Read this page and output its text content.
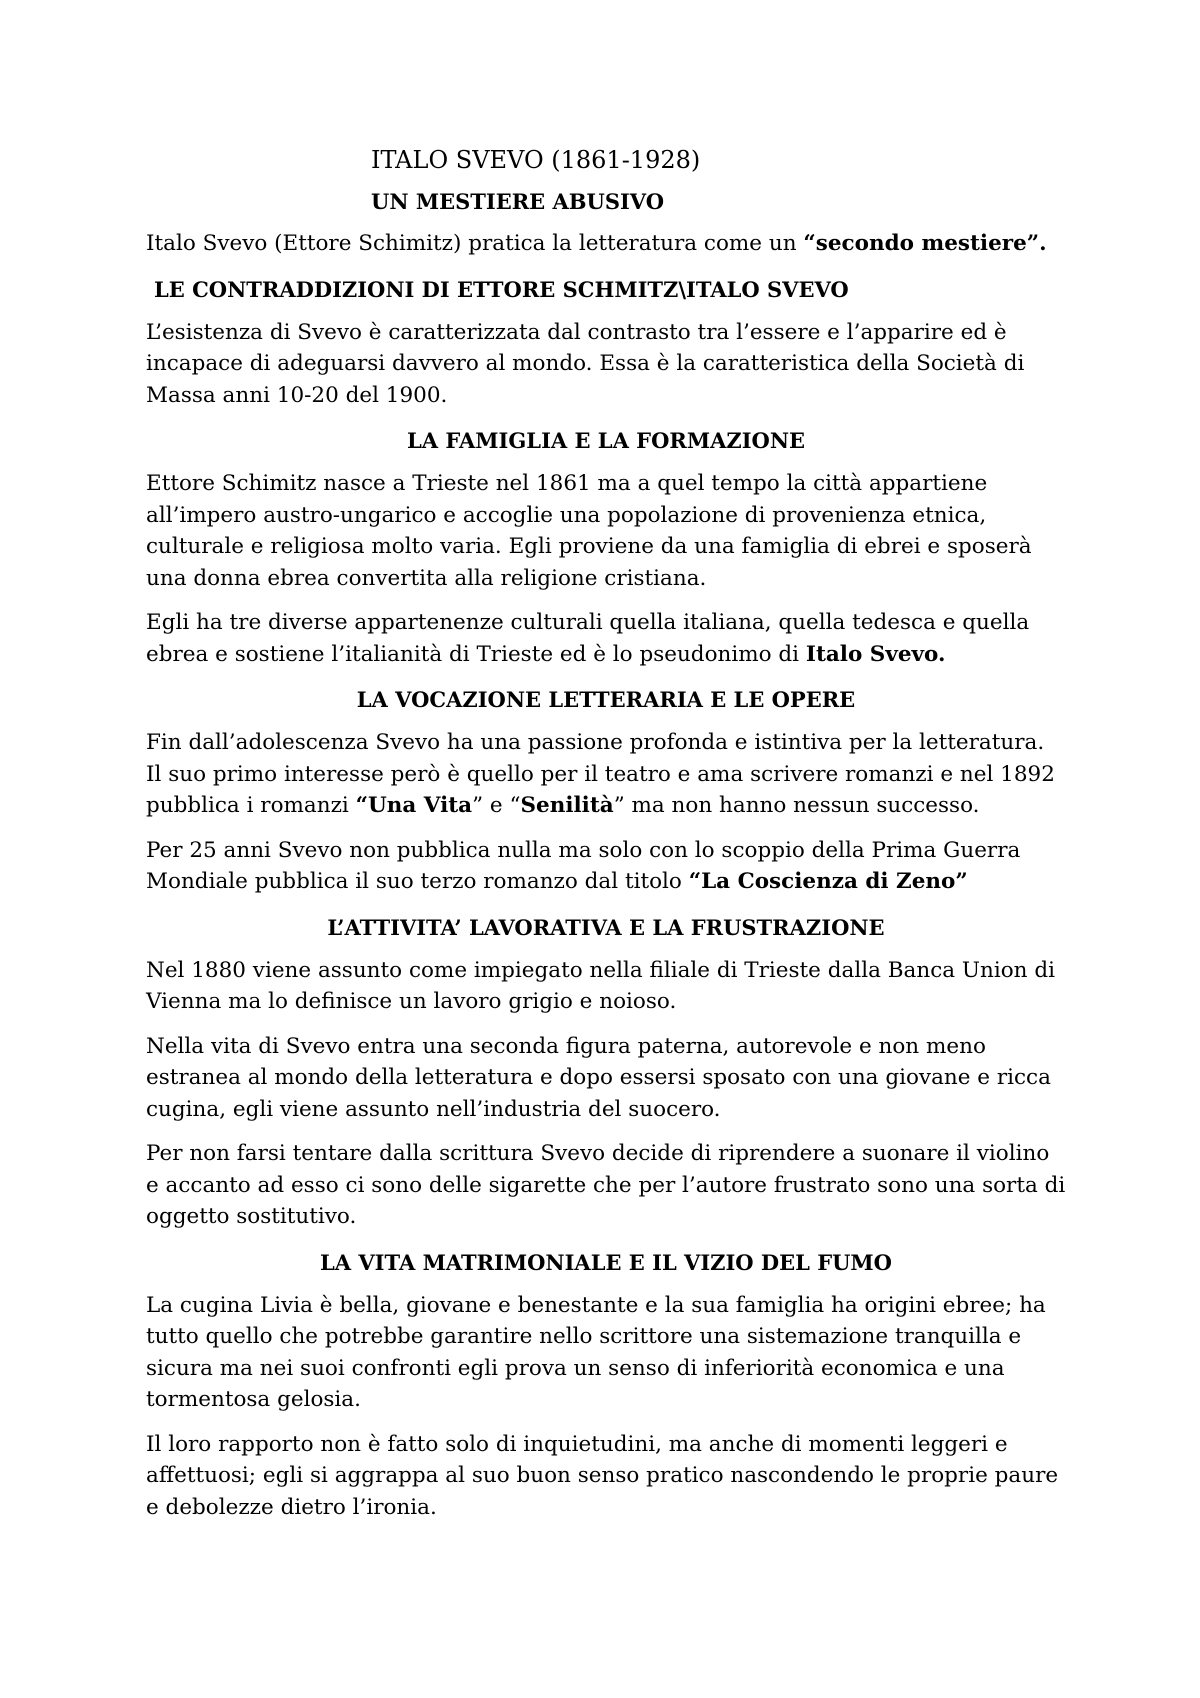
ITALO SVEVO (1861-1928)
UN MESTIERE ABUSIVO

Italo Svevo (Ettore Schimitz) pratica la letteratura come un “secondo mestiere”.

LE CONTRADDIZIONI DI ETTORE SCHMITZ\ITALO SVEVO

L’esistenza di Svevo è caratterizzata dal contrasto tra l’essere e l’apparire ed è incapace di adeguarsi davvero al mondo. Essa è la caratteristica della Società di Massa anni 10-20 del 1900.

LA FAMIGLIA E LA FORMAZIONE

Ettore Schimitz nasce a Trieste nel 1861 ma a quel tempo la città appartiene all’impero austro-ungarico e accoglie una popolazione di provenienza etnica, culturale e religiosa molto varia. Egli proviene da una famiglia di ebrei e sposerà una donna ebrea convertita alla religione cristiana.

Egli ha tre diverse appartenenze culturali quella italiana, quella tedesca e quella ebrea e sostiene l’italianità di Trieste ed è lo pseudonimo di Italo Svevo.

LA VOCAZIONE LETTERARIA E LE OPERE

Fin dall’adolescenza Svevo ha una passione profonda e istintiva per la letteratura. Il suo primo interesse però è quello per il teatro e ama scrivere romanzi e nel 1892 pubblica i romanzi “Una Vita” e “Senilità” ma non hanno nessun successo.

Per 25 anni Svevo non pubblica nulla ma solo con lo scoppio della Prima Guerra Mondiale pubblica il suo terzo romanzo dal titolo “La Coscienza di Zeno”

L’ATTIVITA’ LAVORATIVA E LA FRUSTRAZIONE

Nel 1880 viene assunto come impiegato nella filiale di Trieste dalla Banca Union di Vienna ma lo definisce un lavoro grigio e noioso.

Nella vita di Svevo entra una seconda figura paterna, autorevole e non meno estranea al mondo della letteratura e dopo essersi sposato con una giovane e ricca cugina, egli viene assunto nell’industria del suocero.

Per non farsi tentare dalla scrittura Svevo decide di riprendere a suonare il violino e accanto ad esso ci sono delle sigarette che per l’autore frustrato sono una sorta di oggetto sostitutivo.

LA VITA MATRIMONIALE E IL VIZIO DEL FUMO

La cugina Livia è bella, giovane e benestante e la sua famiglia ha origini ebree; ha tutto quello che potrebbe garantire nello scrittore una sistemazione tranquilla e sicura ma nei suoi confronti egli prova un senso di inferiorità economica e una tormentosa gelosia.

Il loro rapporto non è fatto solo di inquietudini, ma anche di momenti leggeri e affettuosi; egli si aggrappa al suo buon senso pratico nascondendo le proprie paure e debolezze dietro l’ironia.
